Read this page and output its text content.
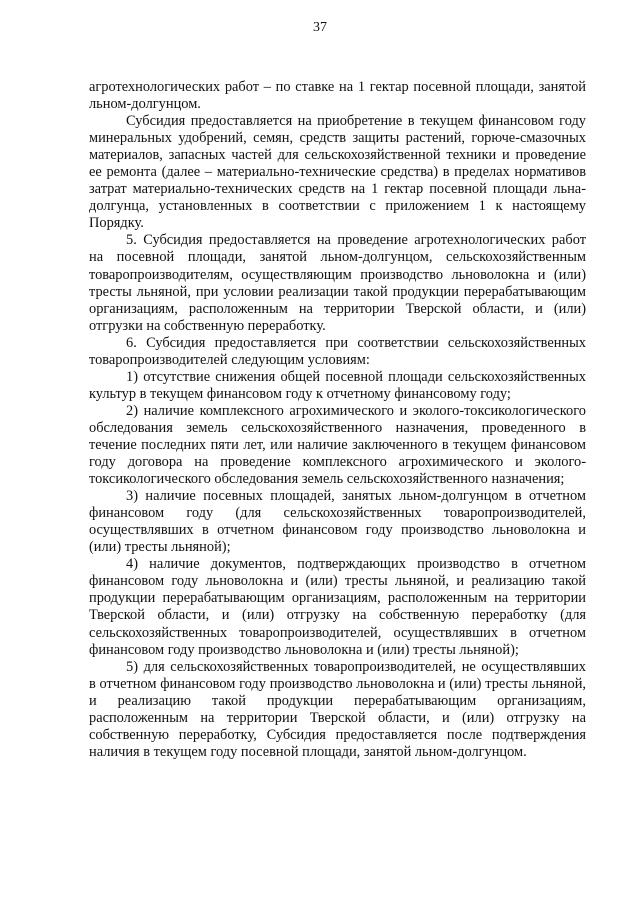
37

агротехнологических работ – по ставке на 1 гектар посевной площади, занятой льном-долгунцом.

Субсидия предоставляется на приобретение в текущем финансовом году минеральных удобрений, семян, средств защиты растений, горюче-смазочных материалов, запасных частей для сельскохозяйственной техники и проведение ее ремонта (далее – материально-технические средства) в пределах нормативов затрат материально-технических средств на 1 гектар посевной площади льна-долгунца, установленных в соответствии с приложением 1 к настоящему Порядку.

5. Субсидия предоставляется на проведение агротехнологических работ на посевной площади, занятой льном-долгунцом, сельскохозяйственным товаропроизводителям, осуществляющим производство льноволокна и (или) тресты льняной, при условии реализации такой продукции перерабатывающим организациям, расположенным на территории Тверской области, и (или) отгрузки на собственную переработку.

6. Субсидия предоставляется при соответствии сельскохозяйственных товаропроизводителей следующим условиям:

1) отсутствие снижения общей посевной площади сельскохозяйственных культур в текущем финансовом году к отчетному финансовому году;

2) наличие комплексного агрохимического и эколого-токсикологического обследования земель сельскохозяйственного назначения, проведенного в течение последних пяти лет, или наличие заключенного в текущем финансовом году договора на проведение комплексного агрохимического и эколого-токсикологического обследования земель сельскохозяйственного назначения;

3) наличие посевных площадей, занятых льном-долгунцом в отчетном финансовом году (для сельскохозяйственных товаропроизводителей, осуществлявших в отчетном финансовом году производство льноволокна и (или) тресты льняной);

4) наличие документов, подтверждающих производство в отчетном финансовом году льноволокна и (или) тресты льняной, и реализацию такой продукции перерабатывающим организациям, расположенным на территории Тверской области, и (или) отгрузку на собственную переработку (для сельскохозяйственных товаропроизводителей, осуществлявших в отчетном финансовом году производство льноволокна и (или) тресты льняной);

5) для сельскохозяйственных товаропроизводителей, не осуществлявших в отчетном финансовом году производство льноволокна и (или) тресты льняной, и реализацию такой продукции перерабатывающим организациям, расположенным на территории Тверской области, и (или) отгрузку на собственную переработку, Субсидия предоставляется после подтверждения наличия в текущем году посевной площади, занятой льном-долгунцом.
